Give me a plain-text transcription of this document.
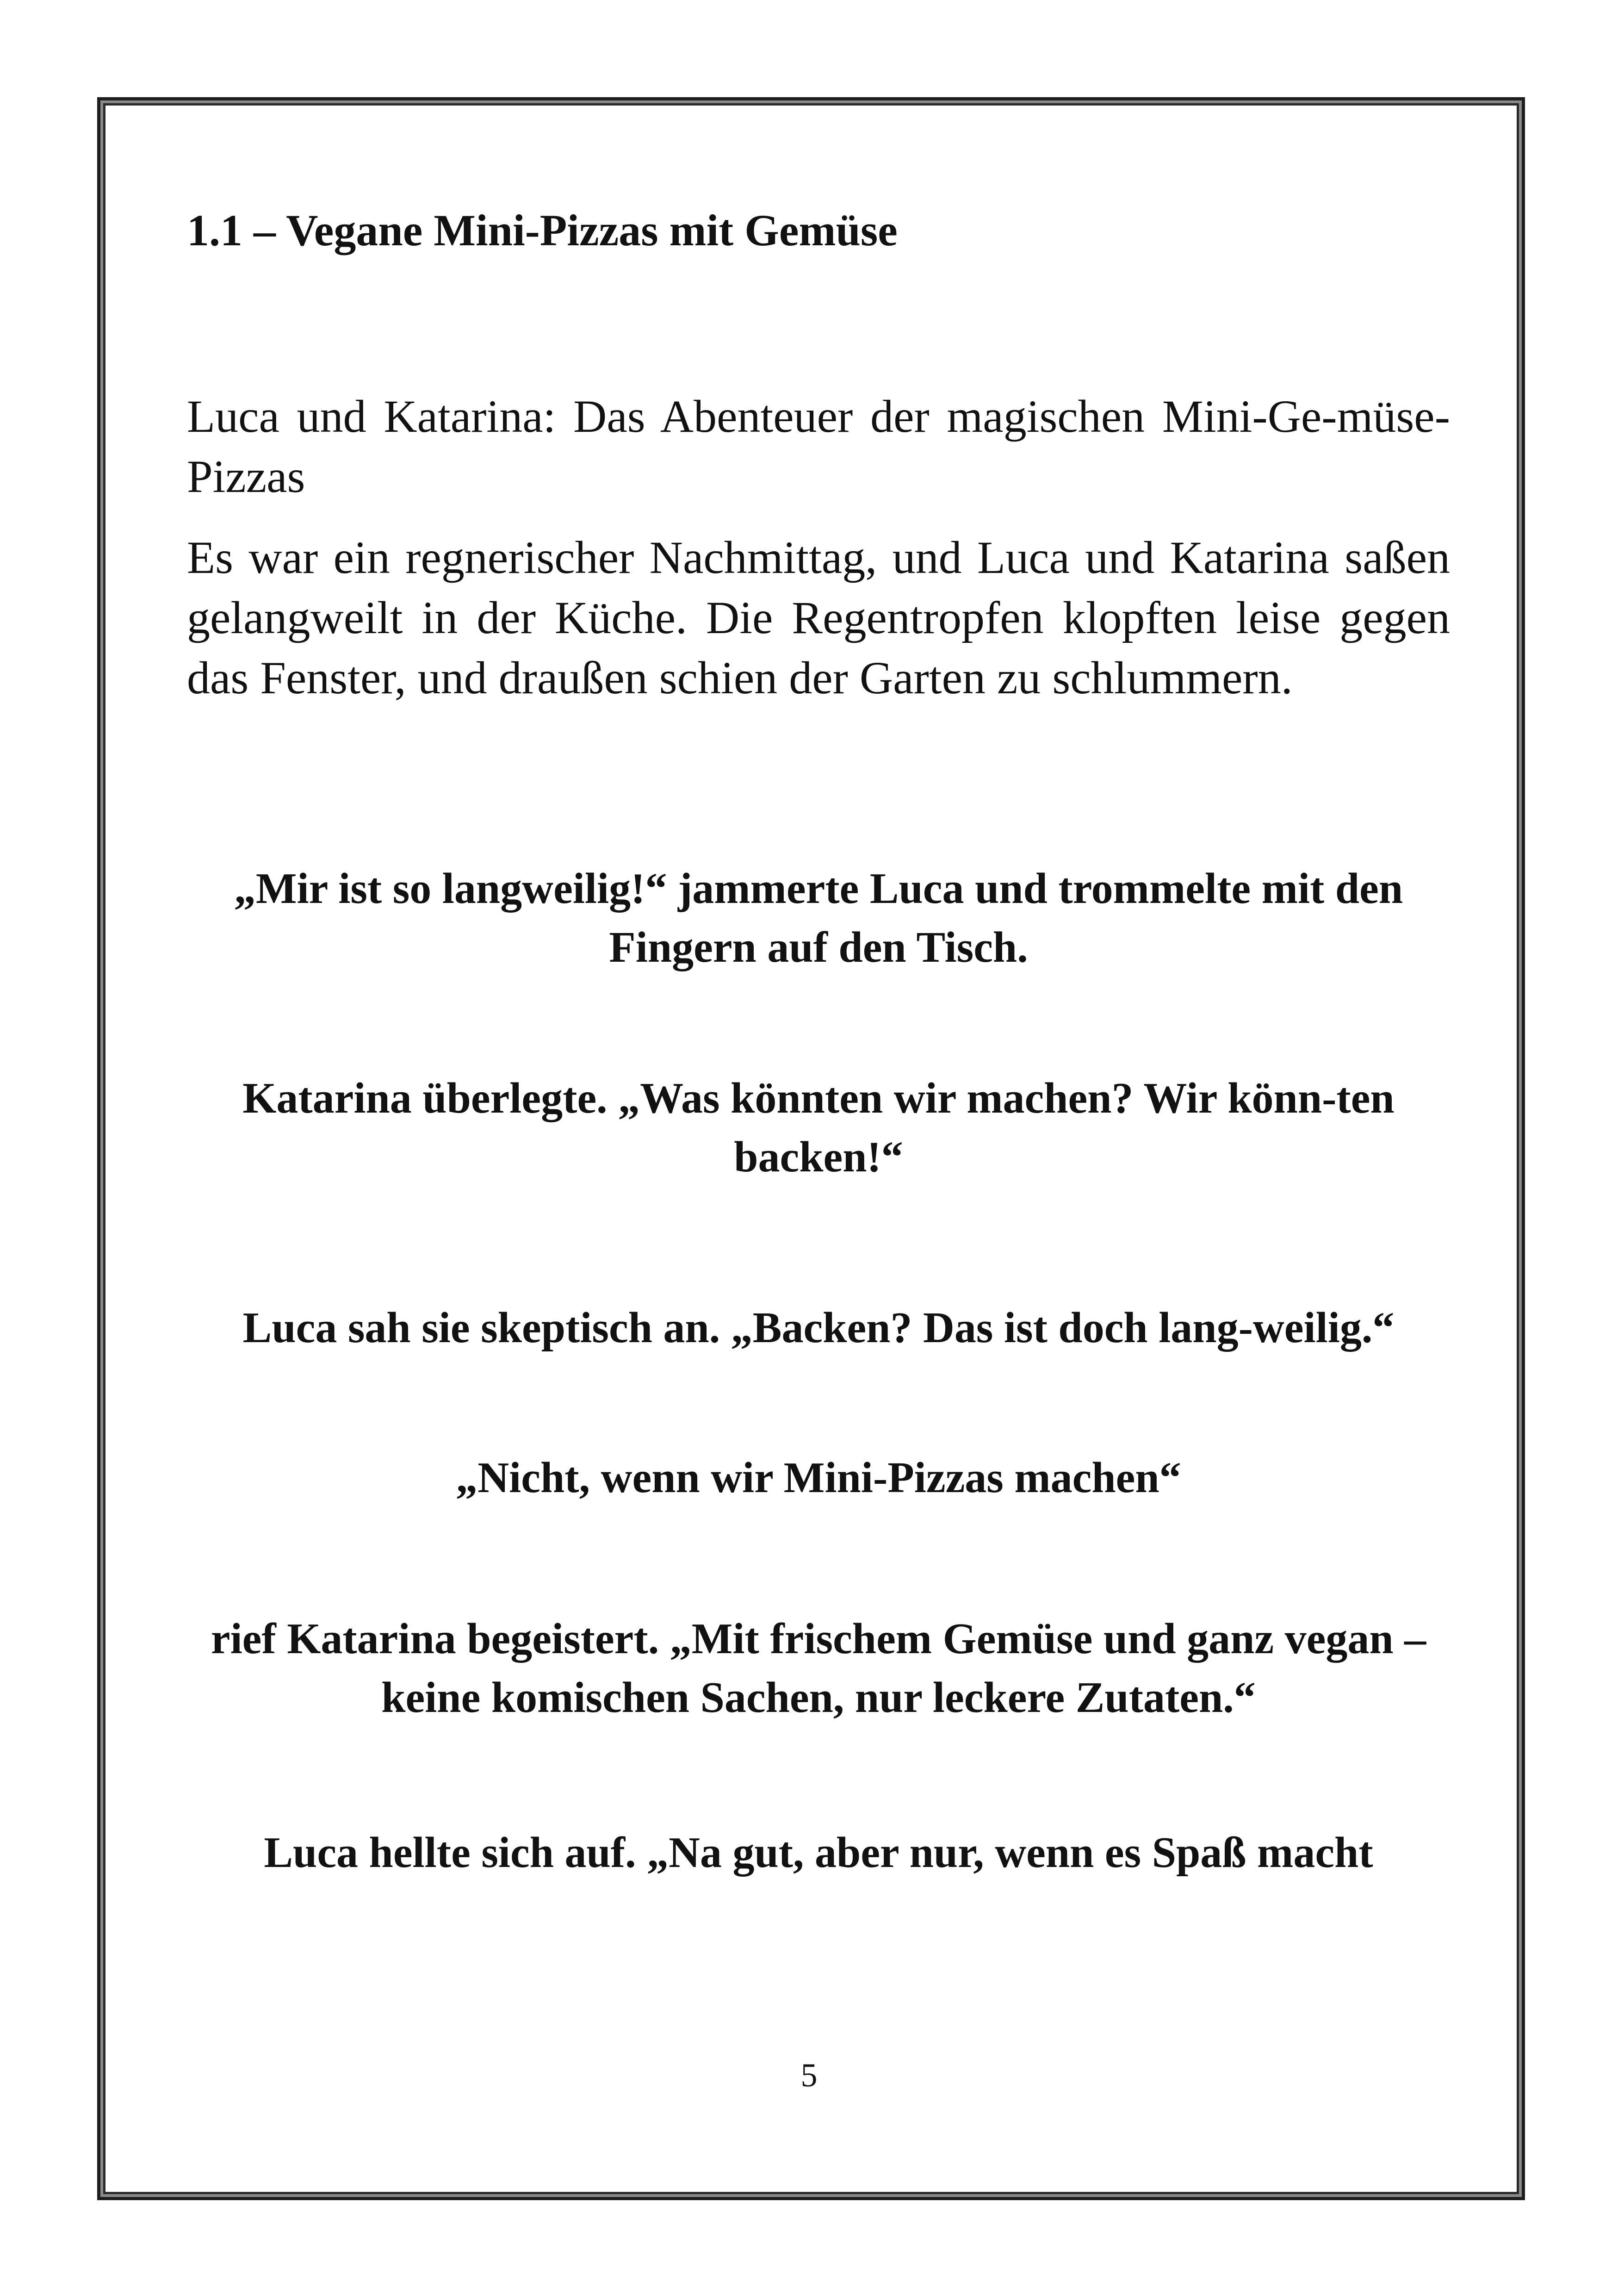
1.1 – Vegane Mini-Pizzas mit Gemüse

Luca und Katarina: Das Abenteuer der magischen Mini-Ge-müse-Pizzas

Es war ein regnerischer Nachmittag, und Luca und Katarina saßen gelangweilt in der Küche. Die Regentropfen klopften leise gegen das Fenster, und draußen schien der Garten zu schlummern.

„Mir ist so langweilig!“ jammerte Luca und trommelte mit den Fingern auf den Tisch.

Katarina überlegte. „Was könnten wir machen? Wir könn-ten backen!“

Luca sah sie skeptisch an. „Backen? Das ist doch lang-weilig.“

„Nicht, wenn wir Mini-Pizzas machen“

rief Katarina begeistert. „Mit frischem Gemüse und ganz vegan – keine komischen Sachen, nur leckere Zutaten.“

Luca hellte sich auf. „Na gut, aber nur, wenn es Spaß macht

5
